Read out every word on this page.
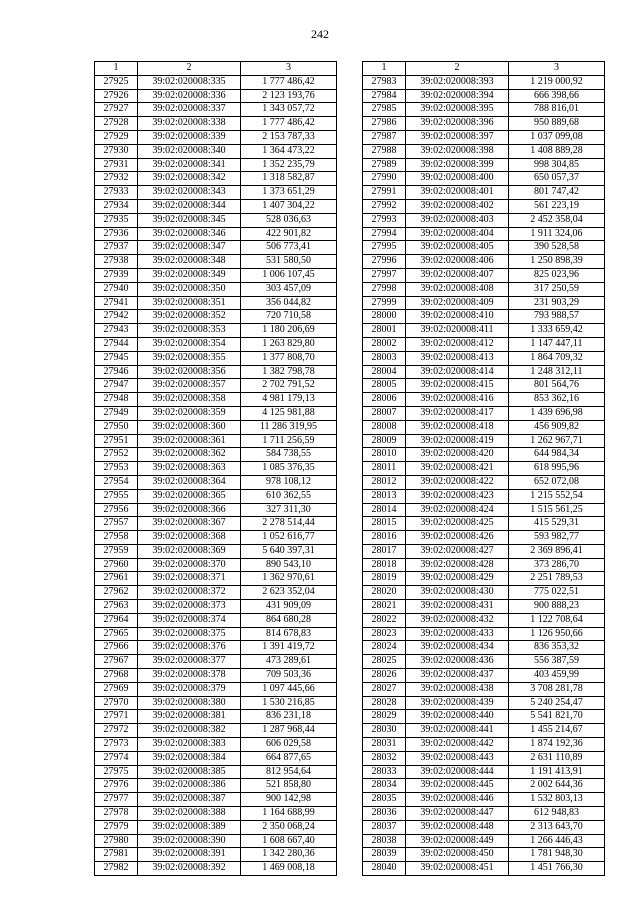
242
1	2	3
27925	39:02:020008:335	1 777 486,42
27926	39:02:020008:336	2 123 193,76
27927	39:02:020008:337	1 343 057,72
27928	39:02:020008:338	1 777 486,42
27929	39:02:020008:339	2 153 787,33
27930	39:02:020008:340	1 364 473,22
27931	39:02:020008:341	1 352 235,79
27932	39:02:020008:342	1 318 582,87
27933	39:02:020008:343	1 373 651,29
27934	39:02:020008:344	1 407 304,22
27935	39:02:020008:345	528 036,63
27936	39:02:020008:346	422 901,82
27937	39:02:020008:347	506 773,41
27938	39:02:020008:348	531 580,50
27939	39:02:020008:349	1 006 107,45
27940	39:02:020008:350	303 457,09
27941	39:02:020008:351	356 044,82
27942	39:02:020008:352	720 710,58
27943	39:02:020008:353	1 180 206,69
27944	39:02:020008:354	1 263 829,80
27945	39:02:020008:355	1 377 808,70
27946	39:02:020008:356	1 382 798,78
27947	39:02:020008:357	2 702 791,52
27948	39:02:020008:358	4 981 179,13
27949	39:02:020008:359	4 125 981,88
27950	39:02:020008:360	11 286 319,95
27951	39:02:020008:361	1 711 256,59
27952	39:02:020008:362	584 738,55
27953	39:02:020008:363	1 085 376,35
27954	39:02:020008:364	978 108,12
27955	39:02:020008:365	610 362,55
27956	39:02:020008:366	327 311,30
27957	39:02:020008:367	2 278 514,44
27958	39:02:020008:368	1 052 616,77
27959	39:02:020008:369	5 640 397,31
27960	39:02:020008:370	890 543,10
27961	39:02:020008:371	1 362 970,61
27962	39:02:020008:372	2 623 352,04
27963	39:02:020008:373	431 909,09
27964	39:02:020008:374	864 680,28
27965	39:02:020008:375	814 678,83
27966	39:02:020008:376	1 391 419,72
27967	39:02:020008:377	473 289,61
27968	39:02:020008:378	709 503,36
27969	39:02:020008:379	1 097 445,66
27970	39:02:020008:380	1 530 216,85
27971	39:02:020008:381	836 231,18
27972	39:02:020008:382	1 287 968,44
27973	39:02:020008:383	606 029,58
27974	39:02:020008:384	664 877,65
27975	39:02:020008:385	812 954,64
27976	39:02:020008:386	521 858,80
27977	39:02:020008:387	900 142,98
27978	39:02:020008:388	1 164 688,99
27979	39:02:020008:389	2 350 068,24
27980	39:02:020008:390	1 608 667,40
27981	39:02:020008:391	1 342 280,36
27982	39:02:020008:392	1 469 008,18
1	2	3
27983	39:02:020008:393	1 219 000,92
27984	39:02:020008:394	666 398,66
27985	39:02:020008:395	788 816,01
27986	39:02:020008:396	950 889,68
27987	39:02:020008:397	1 037 099,08
27988	39:02:020008:398	1 408 889,28
27989	39:02:020008:399	998 304,85
27990	39:02:020008:400	650 057,37
27991	39:02:020008:401	801 747,42
27992	39:02:020008:402	561 223,19
27993	39:02:020008:403	2 452 358,04
27994	39:02:020008:404	1 911 324,06
27995	39:02:020008:405	390 528,58
27996	39:02:020008:406	1 250 898,39
27997	39:02:020008:407	825 023,96
27998	39:02:020008:408	317 250,59
27999	39:02:020008:409	231 903,29
28000	39:02:020008:410	793 988,57
28001	39:02:020008:411	1 333 659,42
28002	39:02:020008:412	1 147 447,11
28003	39:02:020008:413	1 864 709,32
28004	39:02:020008:414	1 248 312,11
28005	39:02:020008:415	801 564,76
28006	39:02:020008:416	853 362,16
28007	39:02:020008:417	1 439 696,98
28008	39:02:020008:418	456 909,82
28009	39:02:020008:419	1 262 967,71
28010	39:02:020008:420	644 984,34
28011	39:02:020008:421	618 995,96
28012	39:02:020008:422	652 072,08
28013	39:02:020008:423	1 215 552,54
28014	39:02:020008:424	1 515 561,25
28015	39:02:020008:425	415 529,31
28016	39:02:020008:426	593 982,77
28017	39:02:020008:427	2 369 896,41
28018	39:02:020008:428	373 286,70
28019	39:02:020008:429	2 251 789,53
28020	39:02:020008:430	775 022,51
28021	39:02:020008:431	900 888,23
28022	39:02:020008:432	1 122 708,64
28023	39:02:020008:433	1 126 950,66
28024	39:02:020008:434	836 353,32
28025	39:02:020008:436	556 387,59
28026	39:02:020008:437	403 459,99
28027	39:02:020008:438	3 708 281,78
28028	39:02:020008:439	5 240 254,47
28029	39:02:020008:440	5 541 821,70
28030	39:02:020008:441	1 455 214,67
28031	39:02:020008:442	1 874 192,36
28032	39:02:020008:443	2 631 110,89
28033	39:02:020008:444	1 191 413,91
28034	39:02:020008:445	2 002 644,36
28035	39:02:020008:446	1 532 803,13
28036	39:02:020008:447	612 948,83
28037	39:02:020008:448	2 313 643,70
28038	39:02:020008:449	1 266 446,43
28039	39:02:020008:450	1 781 948,30
28040	39:02:020008:451	1 451 766,30
